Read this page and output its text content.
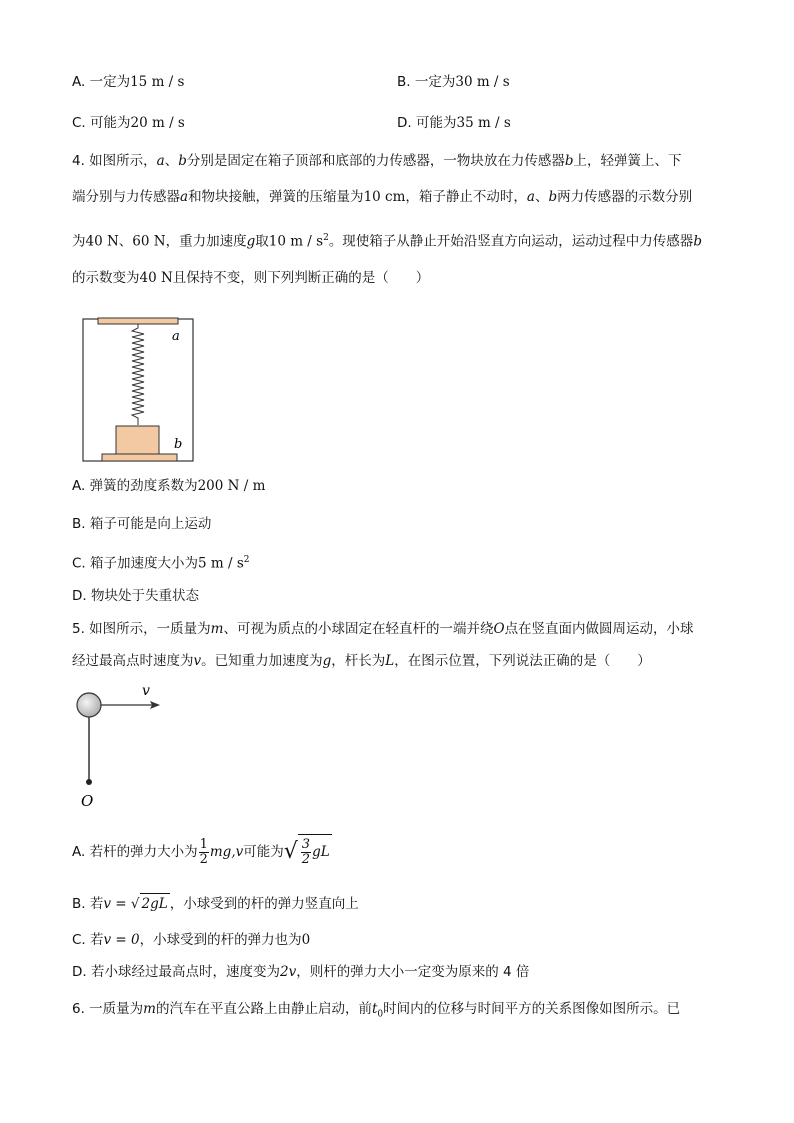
A. 一定为15 m / s	B. 一定为30 m / s
C. 可能为20 m / s	D. 可能为35 m / s
4. 如图所示，a、b分别是固定在箱子顶部和底部的力传感器，一物块放在力传感器b上，轻弹簧上、下
端分别与力传感器a和物块接触，弹簧的压缩量为10 cm，箱子静止不动时，a、b两力传感器的示数分别
为40 N、60 N，重力加速度g取10 m / $s^2$。现使箱子从静止开始沿竖直方向运动，运动过程中力传感器b
的示数变为40 N且保持不变，则下列判断正确的是（　　）
a
b
A. 弹簧的劲度系数为200 N / m
B. 箱子可能是向上运动
C. 箱子加速度大小为5 m / $s^2$
D. 物块处于失重状态
5. 如图所示，一质量为m、可视为质点的小球固定在轻直杆的一端并绕O点在竖直面内做圆周运动，小球
经过最高点时速度为v。已知重力加速度为g，杆长为L，在图示位置，下列说法正确的是（　　）
v
O
A. 若杆的弹力大小为 $\frac{1}{2} mg,v$可能为√ $\frac{3}{2}$ gL
B. 若v = √ 2gL ，小球受到的杆的弹力竖直向上
C. 若v = 0，小球受到的杆的弹力也为0
D. 若小球经过最高点时，速度变为2v，则杆的弹力大小一定变为原来的 4 倍
6. 一质量为m的汽车在平直公路上由静止启动，前$t_0$时间内的位移与时间平方的关系图像如图所示。已
